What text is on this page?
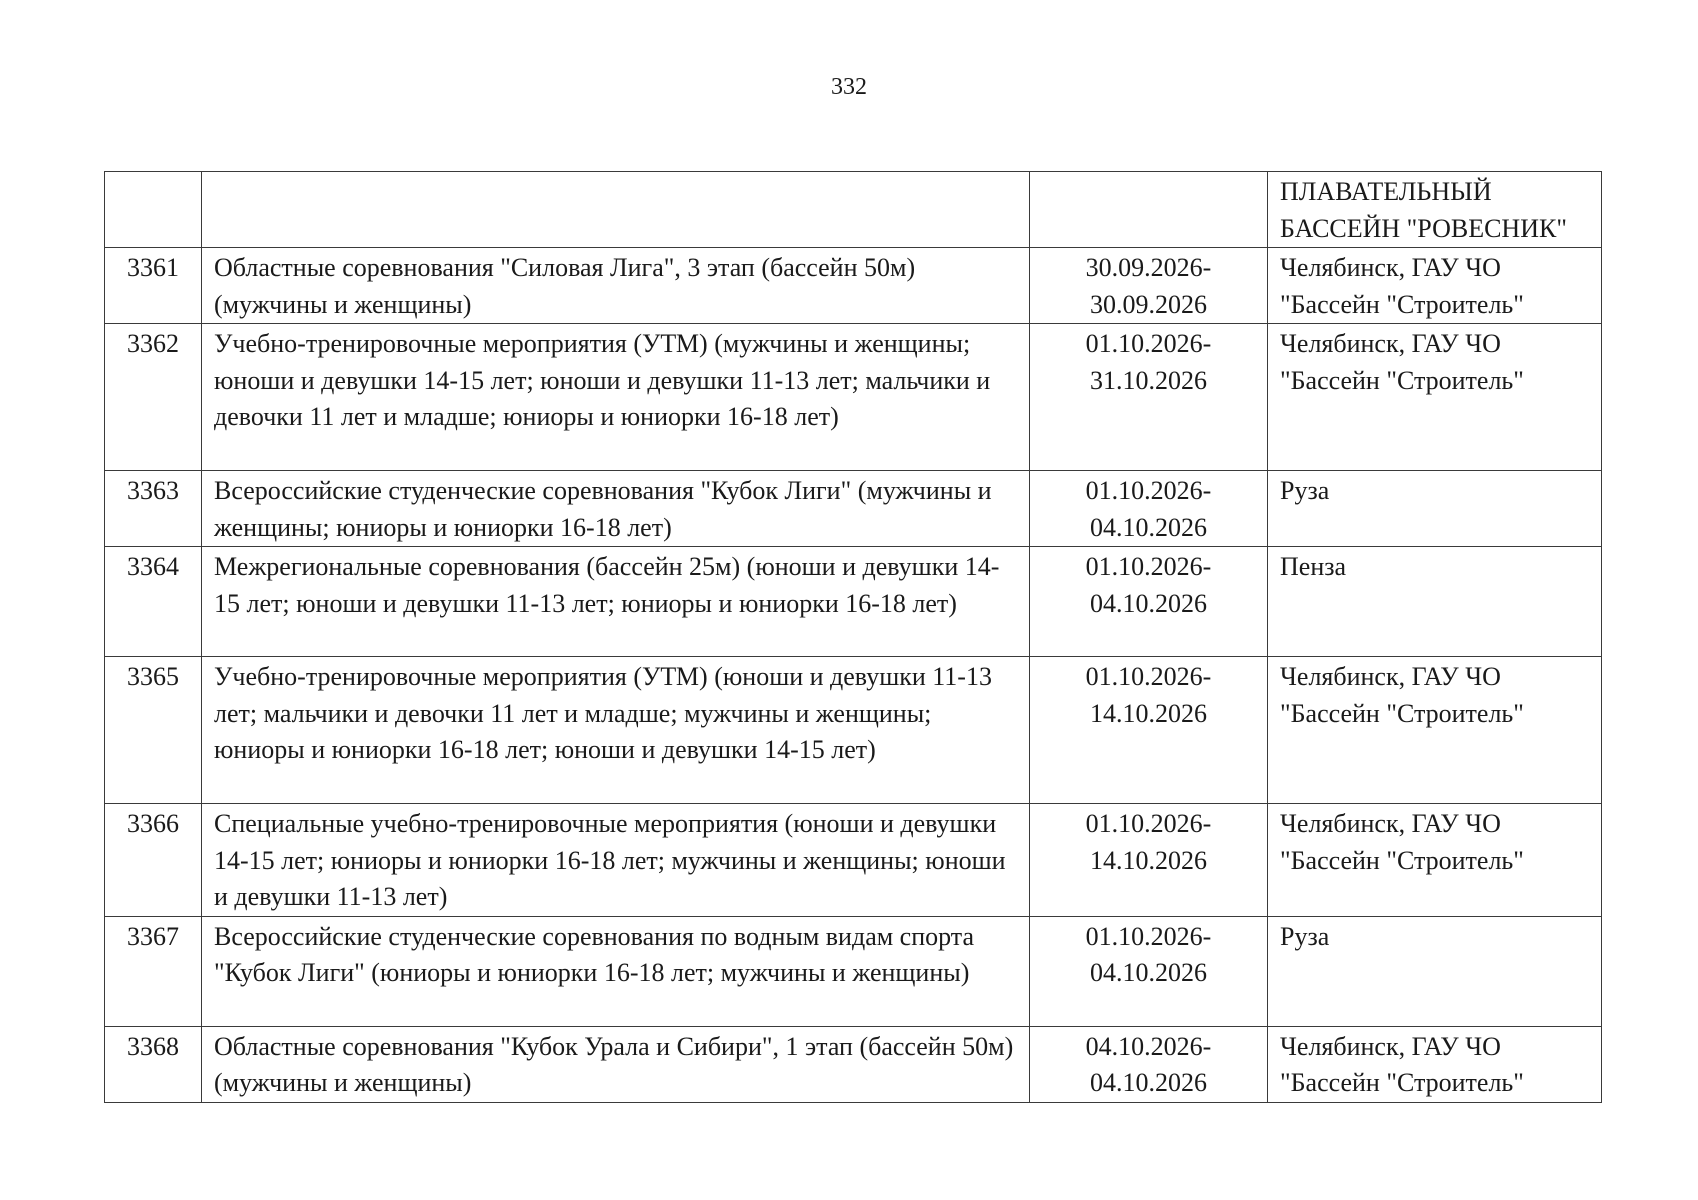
332
			ПЛАВАТЕЛЬНЫЙ БАССЕЙН "РОВЕСНИК"
3361	Областные соревнования "Силовая Лига", 3 этап (бассейн 50м) (мужчины и женщины)	30.09.2026-30.09.2026	Челябинск, ГАУ ЧО "Бассейн "Строитель"
3362	Учебно-тренировочные мероприятия (УТМ) (мужчины и женщины; юноши и девушки 14-15 лет; юноши и девушки 11-13 лет; мальчики и девочки 11 лет и младше; юниоры и юниорки 16-18 лет)	01.10.2026-31.10.2026	Челябинск, ГАУ ЧО "Бассейн "Строитель"
3363	Всероссийские студенческие соревнования "Кубок Лиги" (мужчины и женщины; юниоры и юниорки 16-18 лет)	01.10.2026-04.10.2026	Руза
3364	Межрегиональные соревнования (бассейн 25м) (юноши и девушки 14-15 лет; юноши и девушки 11-13 лет; юниоры и юниорки 16-18 лет)	01.10.2026-04.10.2026	Пенза
3365	Учебно-тренировочные мероприятия (УТМ) (юноши и девушки 11-13 лет; мальчики и девочки 11 лет и младше; мужчины и женщины; юниоры и юниорки 16-18 лет; юноши и девушки 14-15 лет)	01.10.2026-14.10.2026	Челябинск, ГАУ ЧО "Бассейн "Строитель"
3366	Специальные учебно-тренировочные мероприятия (юноши и девушки 14-15 лет; юниоры и юниорки 16-18 лет; мужчины и женщины; юноши и девушки 11-13 лет)	01.10.2026-14.10.2026	Челябинск, ГАУ ЧО "Бассейн "Строитель"
3367	Всероссийские студенческие соревнования по водным видам спорта "Кубок Лиги" (юниоры и юниорки 16-18 лет; мужчины и женщины)	01.10.2026-04.10.2026	Руза
3368	Областные соревнования "Кубок Урала и Сибири", 1 этап (бассейн 50м) (мужчины и женщины)	04.10.2026-04.10.2026	Челябинск, ГАУ ЧО "Бассейн "Строитель"
